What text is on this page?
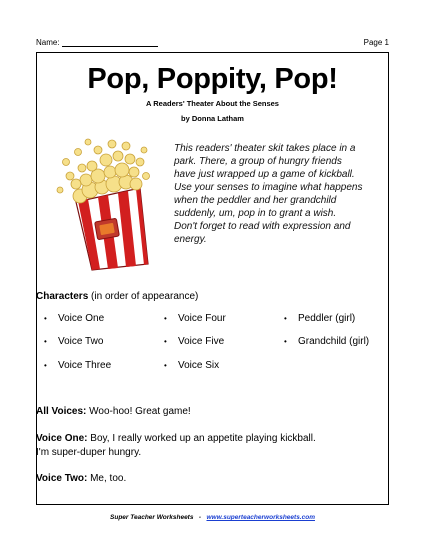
Name:	Page 1
Pop, Poppity, Pop!
A Readers' Theater About the Senses
by Donna Latham
This readers' theater skit takes place in a
park. There, a group of hungry friends
have just wrapped up a game of kickball.
Use your senses to imagine what happens
when the peddler and her grandchild
suddenly, um, pop in to grant a wish.
Don't forget to read with expression and
energy.
Characters (in order of appearance)
• Voice One
• Voice Two
• Voice Three
• Voice Four
• Voice Five
• Voice Six
• Peddler (girl)
• Grandchild (girl)
All Voices: Woo-hoo! Great game!
Voice One: Boy, I really worked up an appetite playing kickball.
I'm super-duper hungry.
Voice Two: Me, too.
Super Teacher Worksheets - www.superteacherworksheets.com
